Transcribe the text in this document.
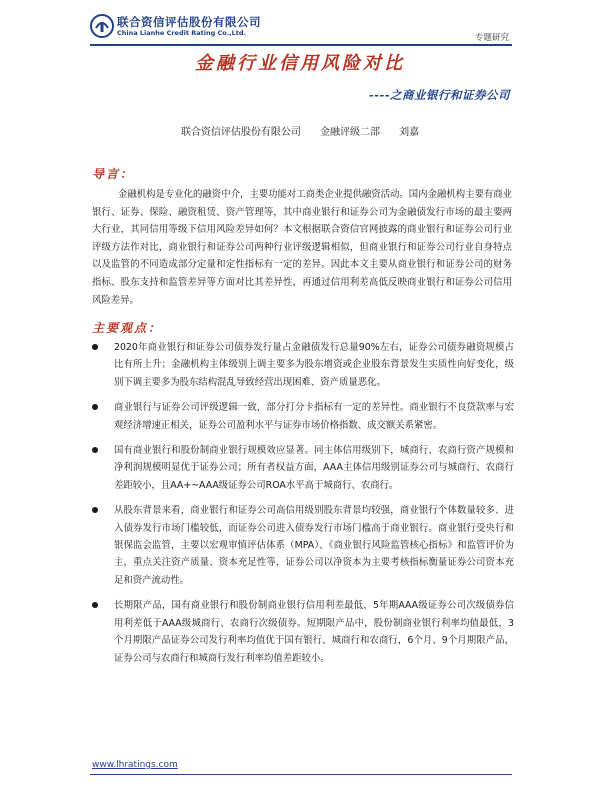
联合资信评估股份有限公司
China Lianhe Credit Rating Co.,Ltd.	专题研究
金融行业信用风险对比
----之商业银行和证券公司
联合资信评估股份有限公司      金融评级二部      刘嘉
导言：

金融机构是专业化的融资中介，主要功能对工商类企业提供融资活动。国内金融机构主要有商业银行、证券、保险、融资租赁、资产管理等，其中商业银行和证券公司为金融债发行市场的最主要两大行业，其同信用等级下信用风险差异如何？本文根据联合资信官网披露的商业银行和证券公司行业评级方法作对比，商业银行和证券公司两种行业评级逻辑相似，但商业银行和证券公司行业自身特点以及监管的不同造成部分定量和定性指标有一定的差异。因此本文主要从商业银行和证券公司的财务指标、股东支持和监管差异等方面对比其差异性，再通过信用利差高低反映商业银行和证券公司信用风险差异。

主要观点：
2020年商业银行和证券公司债券发行量占金融债发行总量90%左右，证券公司债券融资规模占比有所上升；金融机构主体级别上调主要多为股东增资或企业股东背景发生实质性向好变化，级别下调主要多为股东结构混乱导致经营出现困难、资产质量恶化。
商业银行与证券公司评级逻辑一致，部分打分卡指标有一定的差异性。商业银行不良贷款率与宏观经济增速正相关，证券公司盈利水平与证券市场价格指数、成交额关系紧密。
国有商业银行和股份制商业银行规模效应显著。同主体信用级别下，城商行、农商行资产规模和净利润规模明显优于证券公司；所有者权益方面，AAA主体信用级别证券公司与城商行、农商行差距较小，且AA+~AAA级证券公司ROA水平高于城商行、农商行。
从股东背景来看，商业银行和证券公司高信用级别股东背景均较强，商业银行个体数量较多、进入债券发行市场门槛较低，而证券公司进入债券发行市场门槛高于商业银行。商业银行受央行和银保监会监管，主要以宏观审慎评估体系（MPA）、《商业银行风险监管核心指标》和监管评价为主，重点关注资产质量、资本充足性等，证券公司以净资本为主要考核指标衡量证券公司资本充足和资产流动性。
长期限产品，国有商业银行和股份制商业银行信用利差最低，5年期AAA级证券公司次级债券信用利差低于AAA级城商行、农商行次级债券。短期限产品中，股份制商业银行利率均值最低，3个月期限产品证券公司发行利率均值优于国有银行、城商行和农商行，6个月、9个月期限产品，证券公司与农商行和城商行发行利率均值差距较小。
www.lhratings.com
